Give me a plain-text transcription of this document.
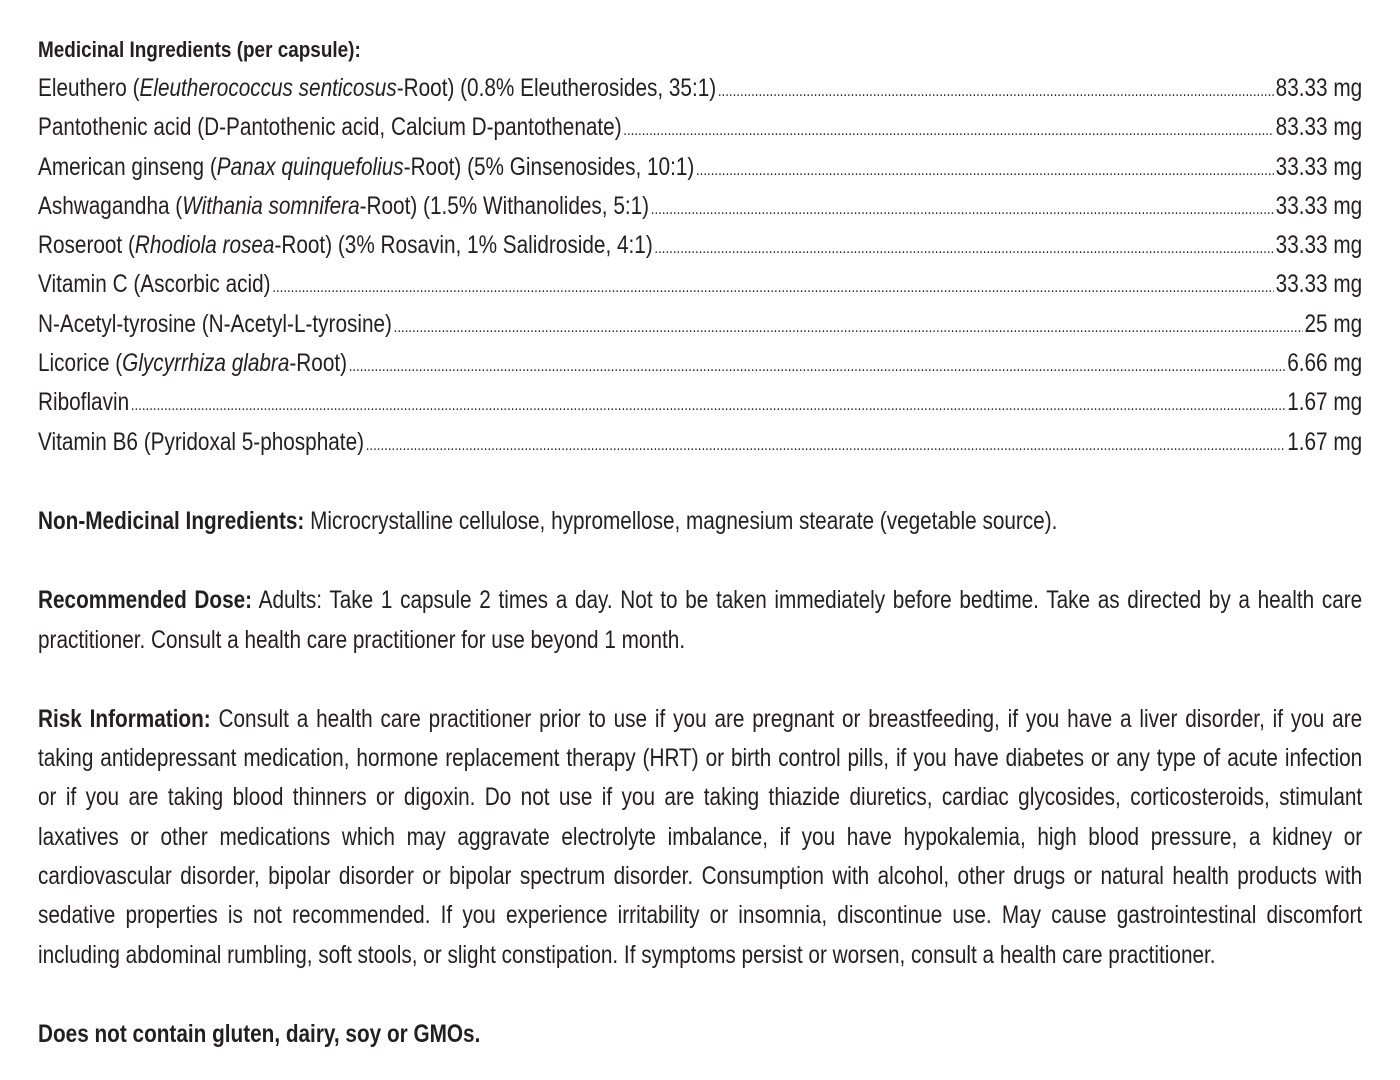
Medicinal Ingredients (per capsule):
Eleuthero (Eleutherococcus senticosus-Root) (0.8% Eleutherosides, 35:1) .....	83.33 mg
Pantothenic acid (D-Pantothenic acid, Calcium D-pantothenate) .....	83.33 mg
American ginseng (Panax quinquefolius-Root) (5% Ginsenosides, 10:1) .....	33.33 mg
Ashwagandha (Withania somnifera-Root) (1.5% Withanolides, 5:1) .....	33.33 mg
Roseroot (Rhodiola rosea-Root) (3% Rosavin, 1% Salidroside, 4:1) .....	33.33 mg
Vitamin C (Ascorbic acid) .....	33.33 mg
N-Acetyl-tyrosine (N-Acetyl-L-tyrosine) .....	25 mg
Licorice (Glycyrrhiza glabra-Root) .....	6.66 mg
Riboflavin .....	1.67 mg
Vitamin B6 (Pyridoxal 5-phosphate) .....	1.67 mg
Non-Medicinal Ingredients: Microcrystalline cellulose, hypromellose, magnesium stearate (vegetable source).
Recommended Dose: Adults: Take 1 capsule 2 times a day. Not to be taken immediately before bedtime. Take as directed by a health care practitioner. Consult a health care practitioner for use beyond 1 month.
Risk Information: Consult a health care practitioner prior to use if you are pregnant or breastfeeding, if you have a liver disorder, if you are taking antidepressant medication, hormone replacement therapy (HRT) or birth control pills, if you have diabetes or any type of acute infection or if you are taking blood thinners or digoxin. Do not use if you are taking thiazide diuretics, cardiac glycosides, corticosteroids, stimulant laxatives or other medications which may aggravate electrolyte imbalance, if you have hypokalemia, high blood pressure, a kidney or cardiovascular disorder, bipolar disorder or bipolar spectrum disorder. Consumption with alcohol, other drugs or natural health products with sedative properties is not recommended. If you experience irritability or insomnia, discontinue use. May cause gastrointestinal discomfort including abdominal rumbling, soft stools, or slight constipation. If symptoms persist or worsen, consult a health care practitioner.
Does not contain gluten, dairy, soy or GMOs.
